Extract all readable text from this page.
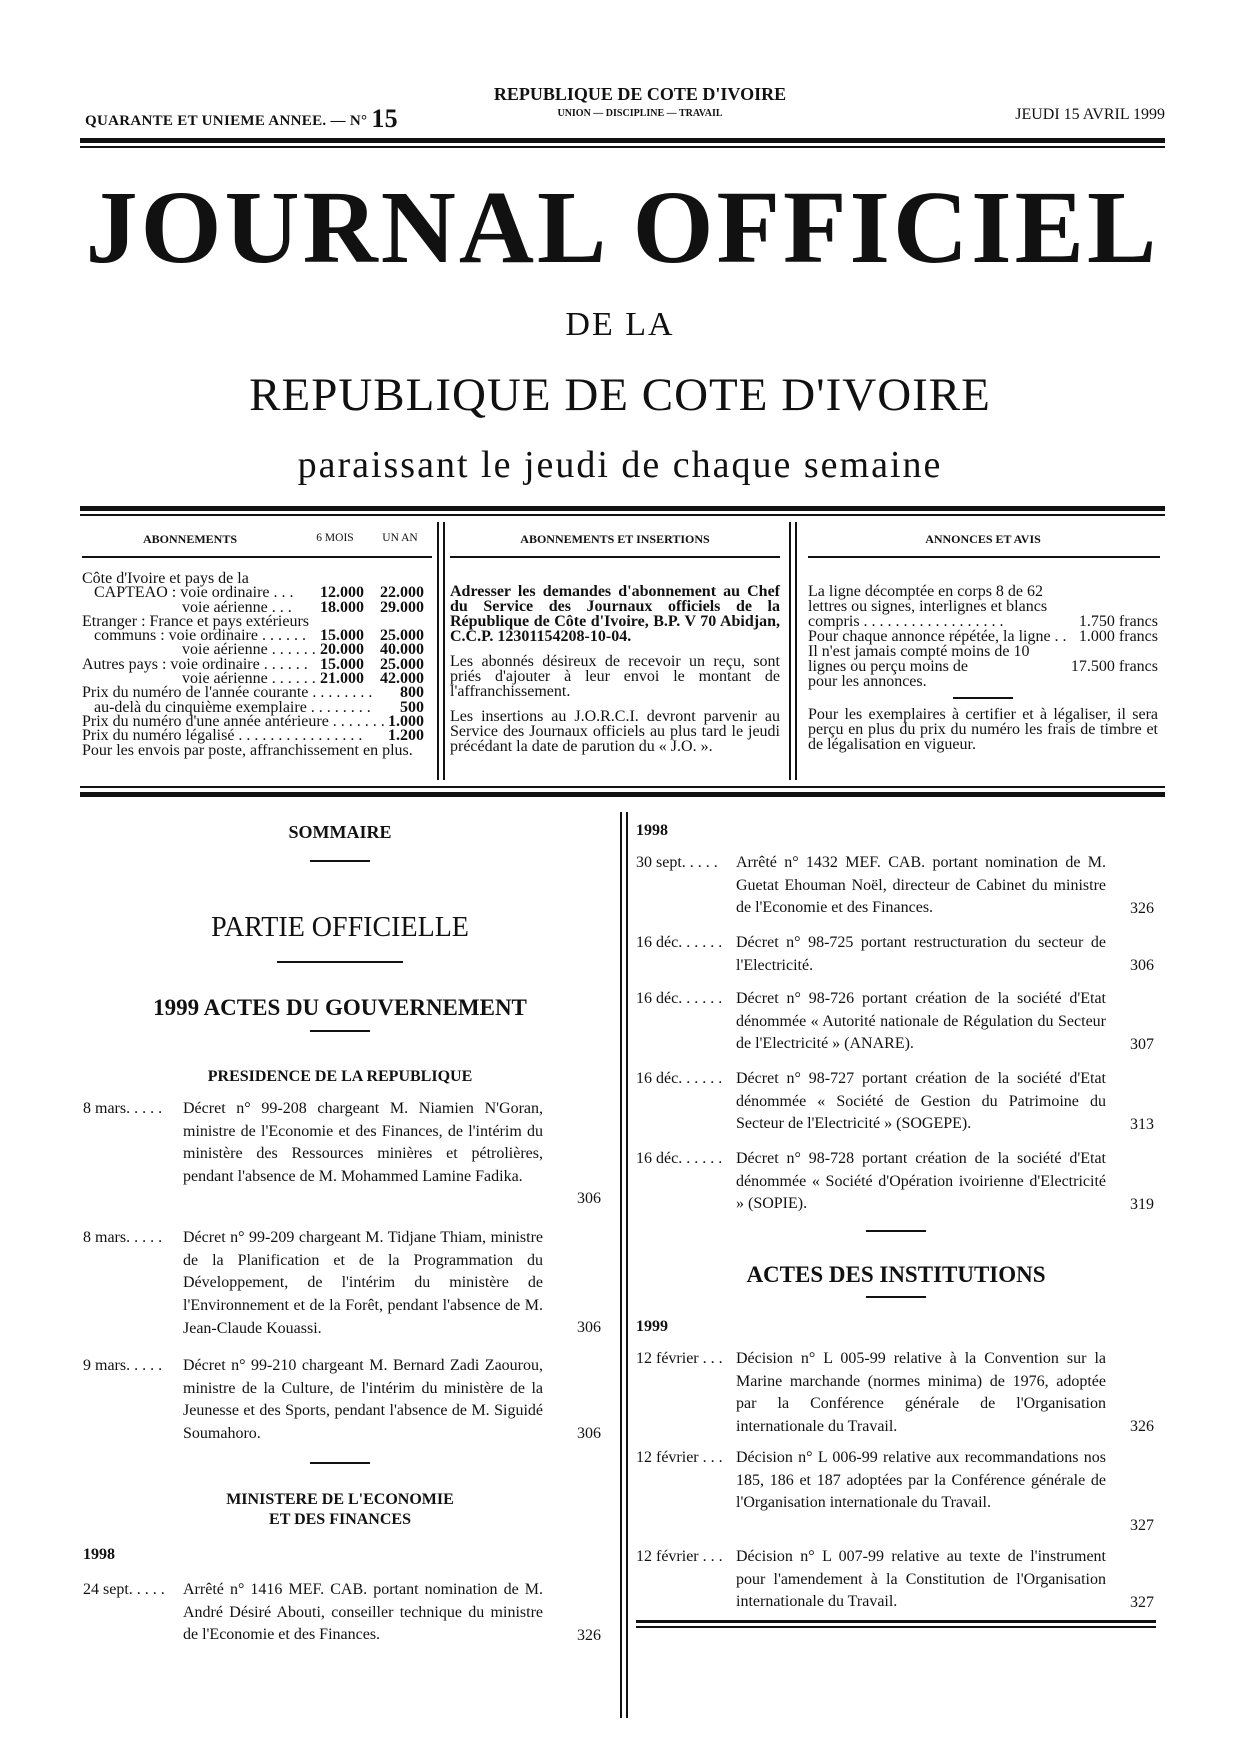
QUARANTE ET UNIEME ANNEE. — N° 15
REPUBLIQUE DE COTE D'IVOIRE
UNION — DISCIPLINE — TRAVAIL	JEUDI 15 AVRIL 1999
JOURNAL OFFICIEL
DE LA
REPUBLIQUE DE COTE D'IVOIRE
paraissant le jeudi de chaque semaine
ABONNEMENTS	6 MOIS	UN AN	ABONNEMENTS ET INSERTIONS	ANNONCES ET AVIS
Côte d'Ivoire et pays de la
CAPTEAO : voie ordinaire . . . 12.000	22.000
voie aérienne . . . 18.000	29.000
Etranger : France et pays extérieurs
communs : voie ordinaire . . . . . . 15.000	25.000
voie aérienne . . . . . . 20.000	40.000
Autres pays : voie ordinaire . . . . . . 15.000	25.000
voie aérienne . . . . . . 21.000	42.000
Prix du numéro de l'année courante . . . . . . . .	800
au-delà du cinquième exemplaire . . . . . . . .	500
Prix du numéro d'une année antérieure . . . . . . . 1.000
Prix du numéro légalisé . . . . . . . . . . . . . . . .	1.200
Pour les envois par poste, affranchissement en plus.
Adresser les demandes d'abonnement au Chef du Service des Journaux officiels de la République de Côte d'Ivoire, B.P. V 70 Abidjan, C.C.P. 12301154208-10-04.
Les abonnés désireux de recevoir un reçu, sont priés d'ajouter à leur envoi le montant de l'affranchissement.
Les insertions au J.O.R.C.I. devront parvenir au Service des Journaux officiels au plus tard le jeudi précédant la date de parution du « J.O. ».
La ligne décomptée en corps 8 de 62 lettres ou signes, interlignes et blancs compris . . . . . . . . . . . . . . . . . .	1.750 francs
Pour chaque annonce répétée, la ligne . . 1.000 francs
Il n'est jamais compté moins de 10 lignes ou perçu moins de	17.500 francs
pour les annonces.
Pour les exemplaires à certifier et à légaliser, il sera perçu en plus du prix du numéro les frais de timbre et de légalisation en vigueur.
SOMMAIRE
PARTIE OFFICIELLE
1999 ACTES DU GOUVERNEMENT
PRESIDENCE DE LA REPUBLIQUE
8 mars. . . . . Décret n° 99-208 chargeant M. Niamien N'Goran, ministre de l'Economie et des Finances, de l'intérim du ministère des Ressources minières et pétrolières, pendant l'absence de M. Mohammed Lamine Fadika.
306
8 mars. . . . . Décret n° 99-209 chargeant M. Tidjane Thiam, ministre de la Planification et de la Programmation du Développement, de l'intérim du ministère de l'Environnement et de la Forêt, pendant l'absence de M. Jean-Claude Kouassi.	306
9 mars. . . . . Décret n° 99-210 chargeant M. Bernard Zadi Zaourou, ministre de la Culture, de l'intérim du ministère de la Jeunesse et des Sports, pendant l'absence de M. Siguidé Soumahoro.	306
MINISTERE DE L'ECONOMIE
ET DES FINANCES
1998
24 sept. . . . . Arrêté n° 1416 MEF. CAB. portant nomination de M. André Désiré Abouti, conseiller technique du ministre de l'Economie et des Finances.	326
1998
30 sept. . . . . Arrêté n° 1432 MEF. CAB. portant nomination de M. Guetat Ehouman Noël, directeur de Cabinet du ministre de l'Economie et des Finances.	326
16 déc. . . . . . Décret n° 98-725 portant restructuration du secteur de l'Electricité.	306
16 déc. . . . . . Décret n° 98-726 portant création de la société d'Etat dénommée « Autorité nationale de Régulation du Secteur de l'Electricité » (ANARE).	307
16 déc. . . . . . Décret n° 98-727 portant création de la société d'Etat dénommée « Société de Gestion du Patrimoine du Secteur de l'Electricité » (SOGEPE).	313
16 déc. . . . . . Décret n° 98-728 portant création de la société d'Etat dénommée « Société d'Opération ivoirienne d'Electricité » (SOPIE).	319
ACTES DES INSTITUTIONS
1999
12 février . . . Décision n° L 005-99 relative à la Convention sur la Marine marchande (normes minima) de 1976, adoptée par la Conférence générale de l'Organisation internationale du Travail.	326
12 février . . . Décision n° L 006-99 relative aux recommandations nos 185, 186 et 187 adoptées par la Conférence générale de l'Organisation internationale du Travail.
327
12 février . . . Décision n° L 007-99 relative au texte de l'instrument pour l'amendement à la Constitution de l'Organisation internationale du Travail.	327
